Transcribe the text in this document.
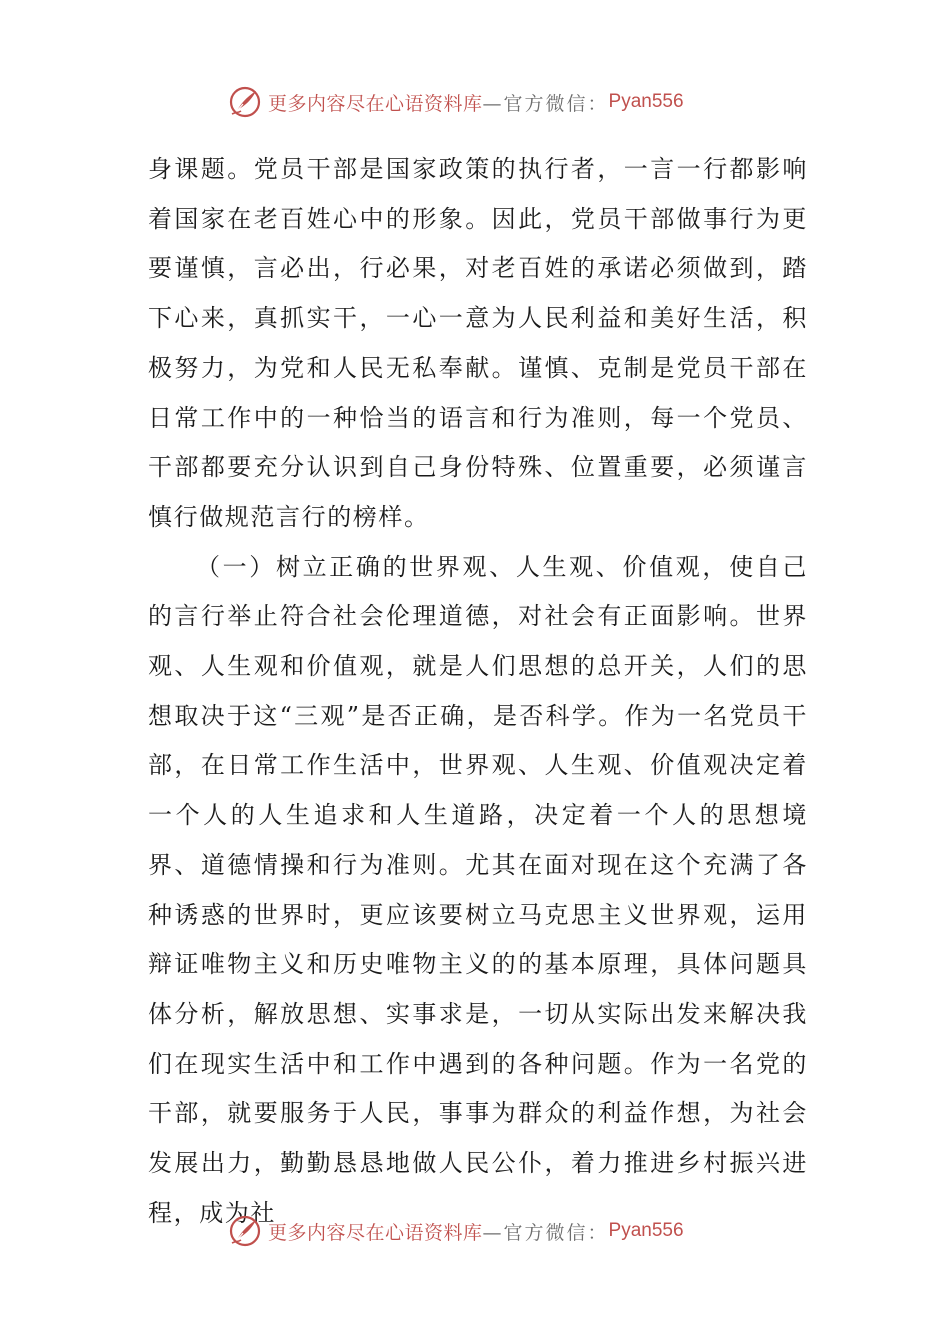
更多内容尽在心语资料库 —官方微信： Pyan556

身课题。党员干部是国家政策的执行者，一言一行都影响着国家在老百姓心中的形象。因此，党员干部做事行为更要谨慎，言必出，行必果，对老百姓的承诺必须做到，踏下心来，真抓实干，一心一意为人民利益和美好生活，积极努力，为党和人民无私奉献。谨慎、克制是党员干部在日常工作中的一种恰当的语言和行为准则，每一个党员、干部都要充分认识到自己身份特殊、位置重要，必须谨言慎行做规范言行的榜样。

（一）树立正确的世界观、人生观、价值观，使自己的言行举止符合社会伦理道德，对社会有正面影响。世界观、人生观和价值观，就是人们思想的总开关，人们的思想取决于这“三观”是否正确，是否科学。作为一名党员干部，在日常工作生活中，世界观、人生观、价值观决定着一个人的人生追求和人生道路，决定着一个人的思想境界、道德情操和行为准则。尤其在面对现在这个充满了各种诱惑的世界时，更应该要树立马克思主义世界观，运用辩证唯物主义和历史唯物主义的的基本原理，具体问题具体分析，解放思想、实事求是，一切从实际出发来解决我们在现实生活中和工作中遇到的各种问题。作为一名党的干部，就要服务于人民，事事为群众的利益作想，为社会发展出力，勤勤恳恳地做人民公仆，着力推进乡村振兴进程，成为社

更多内容尽在心语资料库 —官方微信： Pyan556
